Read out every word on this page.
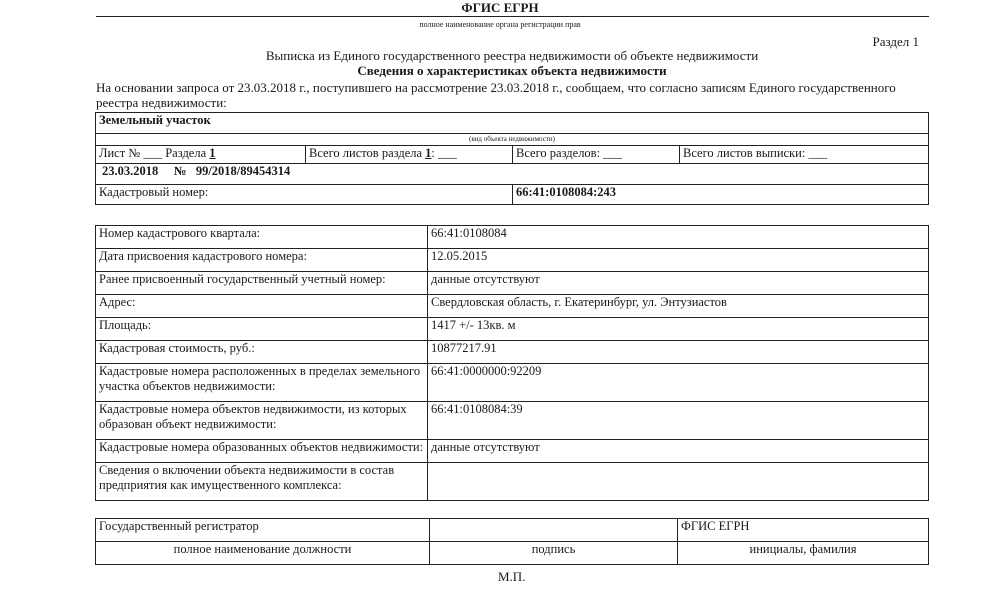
ФГИС ЕГРН
полное наименование органа регистрации прав
Раздел 1
Выписка из Единого государственного реестра недвижимости об объекте недвижимости
Сведения о характеристиках объекта недвижимости
На основании запроса от 23.03.2018 г., поступившего на рассмотрение 23.03.2018 г., сообщаем, что согласно записям Единого государственного реестра недвижимости:
Земельный участок			
(вид объекта недвижимости)			
Лист № ___ Раздела 1	Всего листов раздела 1: ___	Всего разделов: ___	Всего листов выписки: ___
23.03.2018 № 99/2018/89454314			
Кадастровый номер:		66:41:0108084:243	
Номер кадастрового квартала:	66:41:0108084
Дата присвоения кадастрового номера:	12.05.2015
Ранее присвоенный государственный учетный номер:	данные отсутствуют
Адрес:	Свердловская область, г. Екатеринбург, ул. Энтузиастов
Площадь:	1417 +/- 13кв. м
Кадастровая стоимость, руб.:	10877217.91
Кадастровые номера расположенных в пределах земельного участка объектов недвижимости:	66:41:0000000:92209
Кадастровые номера объектов недвижимости, из которых образован объект недвижимости:	66:41:0108084:39
Кадастровые номера образованных объектов недвижимости:	данные отсутствуют
Сведения о включении объекта недвижимости в состав предприятия как имущественного комплекса:	
Государственный регистратор		ФГИС ЕГРН
полное наименование должности	подпись	инициалы, фамилия
М.П.
